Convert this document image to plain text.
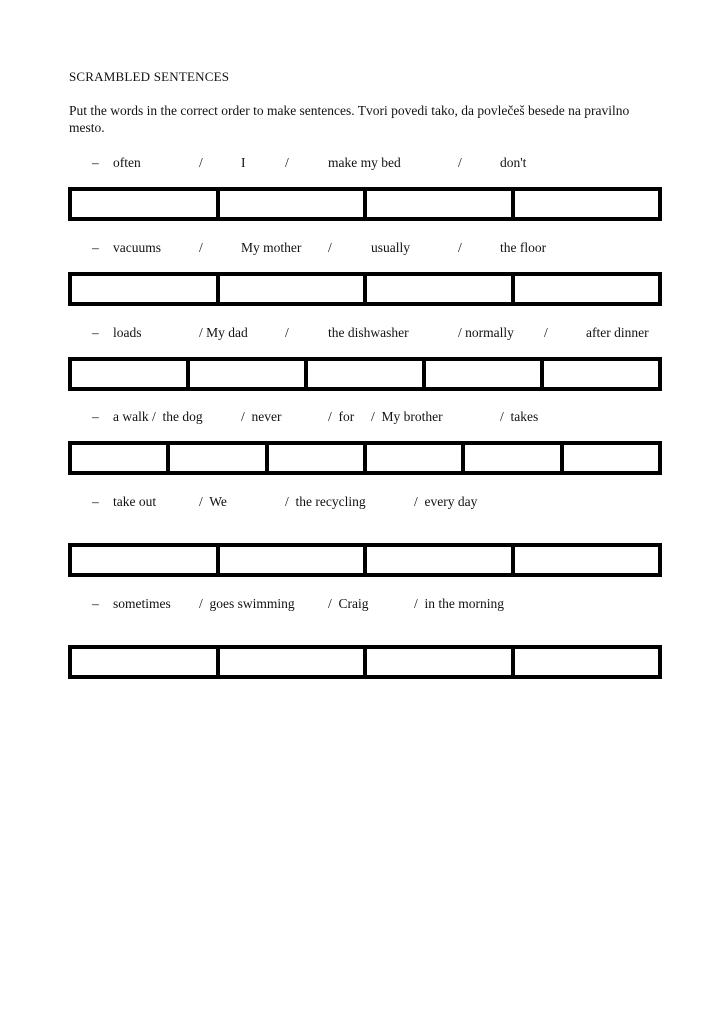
SCRAMBLED SENTENCES
Put the words in the correct order to make sentences. Tvori povedi tako, da povlečeš besede na pravilno mesto.
– often	/	I	/	make my bed	/	don't
– vacuums	/	My mother /	usually	/	the floor
– loads	/ My dad	/	the dishwasher	/ normally /	after dinner
– a walk /  the dog	/  never	/  for /  My brother	/  takes
– take out	/  We	/  the recycling	/  every day
– sometimes /  goes swimming /  Craig	/  in the morning
